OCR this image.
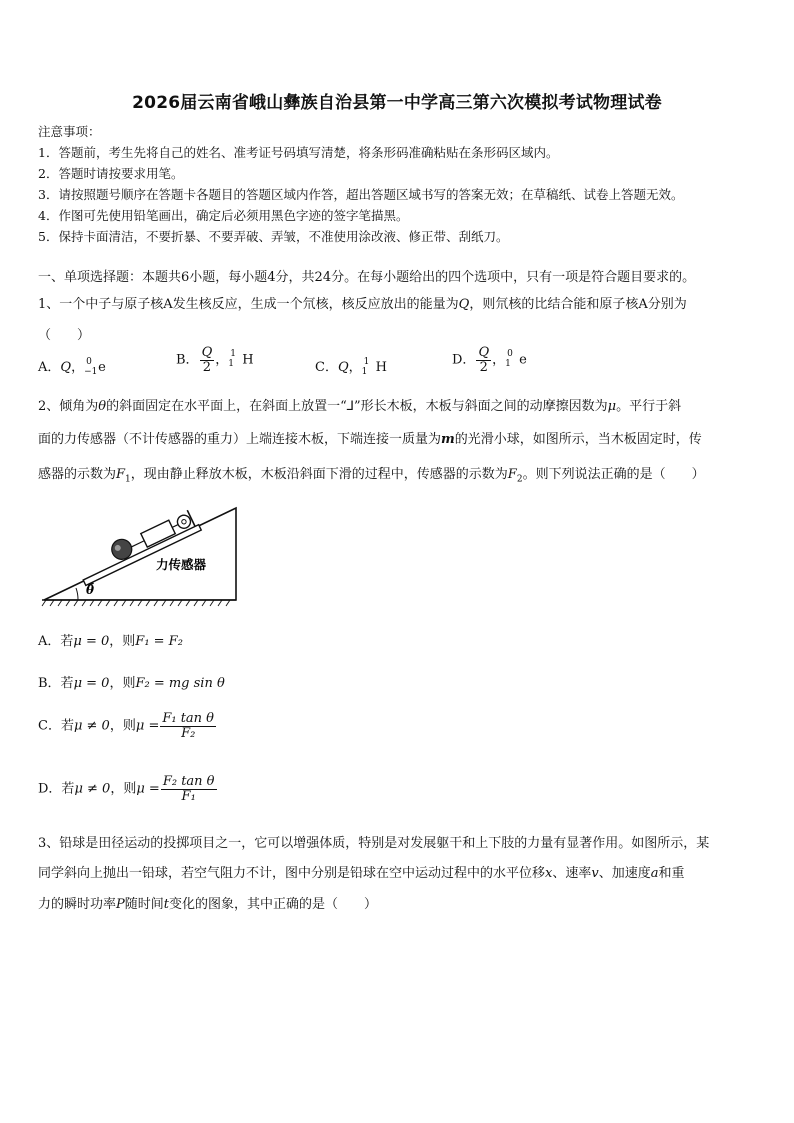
2026届云南省峨山彝族自治县第一中学高三第六次模拟考试物理试卷
注意事项：
1．答题前，考生先将自己的姓名、准考证号码填写清楚，将条形码准确粘贴在条形码区域内。
2．答题时请按要求用笔。
3．请按照题号顺序在答题卡各题目的答题区域内作答，超出答题区域书写的答案无效；在草稿纸、试卷上答题无效。
4．作图可先使用铅笔画出，确定后必须用黑色字迹的签字笔描黑。
5．保持卡面清洁，不要折暴、不要弄破、弄皱，不准使用涂改液、修正带、刮纸刀。
一、单项选择题：本题共6小题，每小题4分，共24分。在每小题给出的四个选项中，只有一项是符合题目要求的。
1、一个中子与原子核A发生核反应，生成一个氘核，核反应放出的能量为Q，则氘核的比结合能和原子核A分别为
（　　）
A．Q， 0
−1 e	B． $\frac{Q}{2}$ ， 1
1 H	C．Q， 1
1 H	D． $\frac{Q}{2}$ ， 0
1 e
2、倾角为θ的斜面固定在水平面上，在斜面上放置一“⅃”形长木板，木板与斜面之间的动摩擦因数为μ。平行于斜
面的力传感器（不计传感器的重力）上端连接木板，下端连接一质量为m的光滑小球，如图所示，当木板固定时，传
感器的示数为$F_1$，现由静止释放木板，木板沿斜面下滑的过程中，传感器的示数为$F_2$。则下列说法正确的是（　　）
θ
力传感器
A．若μ = 0，则F₁ = F₂
B．若μ = 0，则F₂ = mg sin θ
C．若μ ≠ 0，则$\mu = \frac{\text{F₁ tan θ}}{\text{F₂}}$
D．若μ ≠ 0，则$\mu = \frac{\text{F₂ tan θ}}{\text{F₁}}$
3、铅球是田径运动的投掷项目之一，它可以增强体质，特别是对发展躯干和上下肢的力量有显著作用。如图所示，某
同学斜向上抛出一铅球，若空气阻力不计，图中分别是铅球在空中运动过程中的水平位移x、速率v、加速度a和重
力的瞬时功率P随时间t变化的图象，其中正确的是（　　）
